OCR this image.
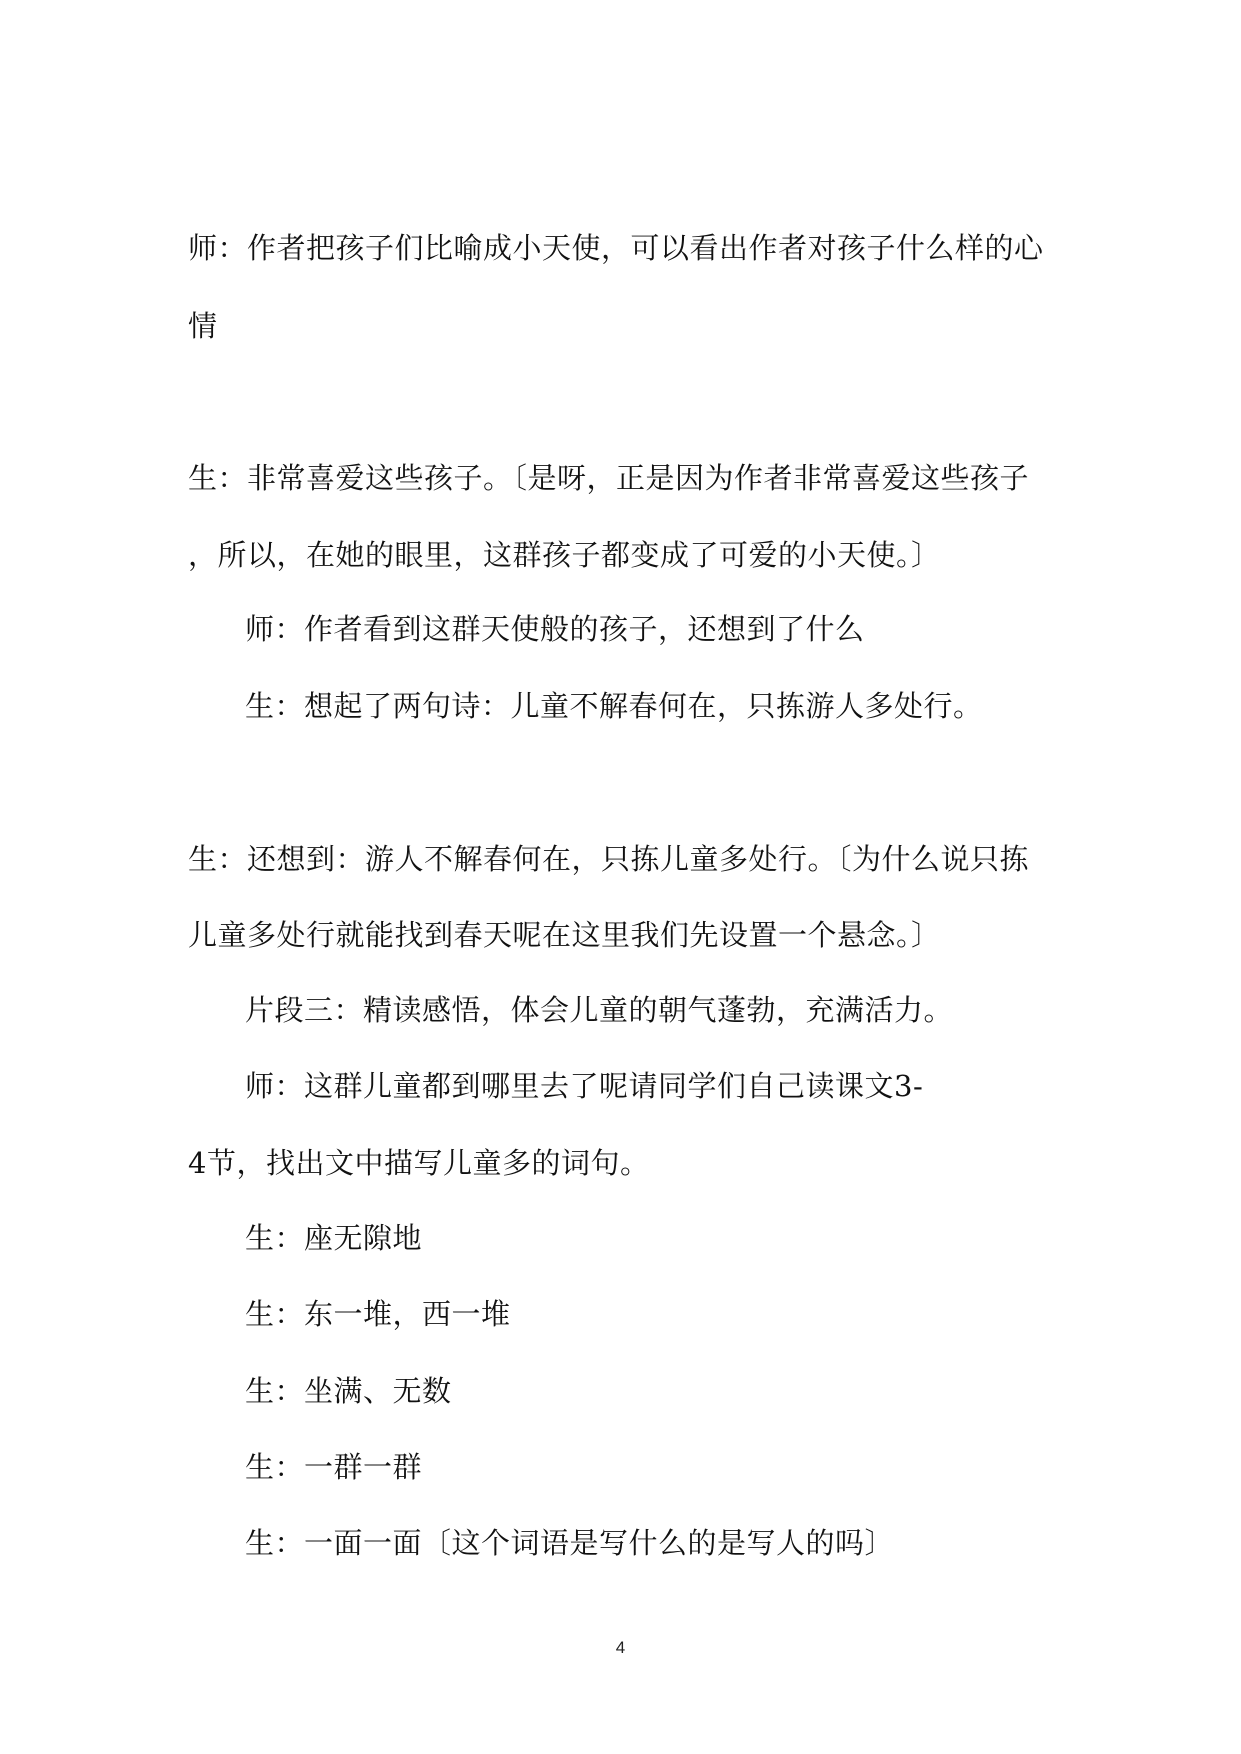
师：作者把孩子们比喻成小天使，可以看出作者对孩子什么样的心
情
生：非常喜爱这些孩子。〔是呀，正是因为作者非常喜爱这些孩子
，所以，在她的眼里，这群孩子都变成了可爱的小天使。〕
师：作者看到这群天使般的孩子，还想到了什么
生：想起了两句诗：儿童不解春何在，只拣游人多处行。
生：还想到：游人不解春何在，只拣儿童多处行。〔为什么说只拣
儿童多处行就能找到春天呢在这里我们先设置一个悬念。〕
片段三：精读感悟，体会儿童的朝气蓬勃，充满活力。
师：这群儿童都到哪里去了呢请同学们自己读课文3-
4节，找出文中描写儿童多的词句。
生：座无隙地
生：东一堆，西一堆
生：坐满、无数
生：一群一群
生：一面一面〔这个词语是写什么的是写人的吗〕
4
